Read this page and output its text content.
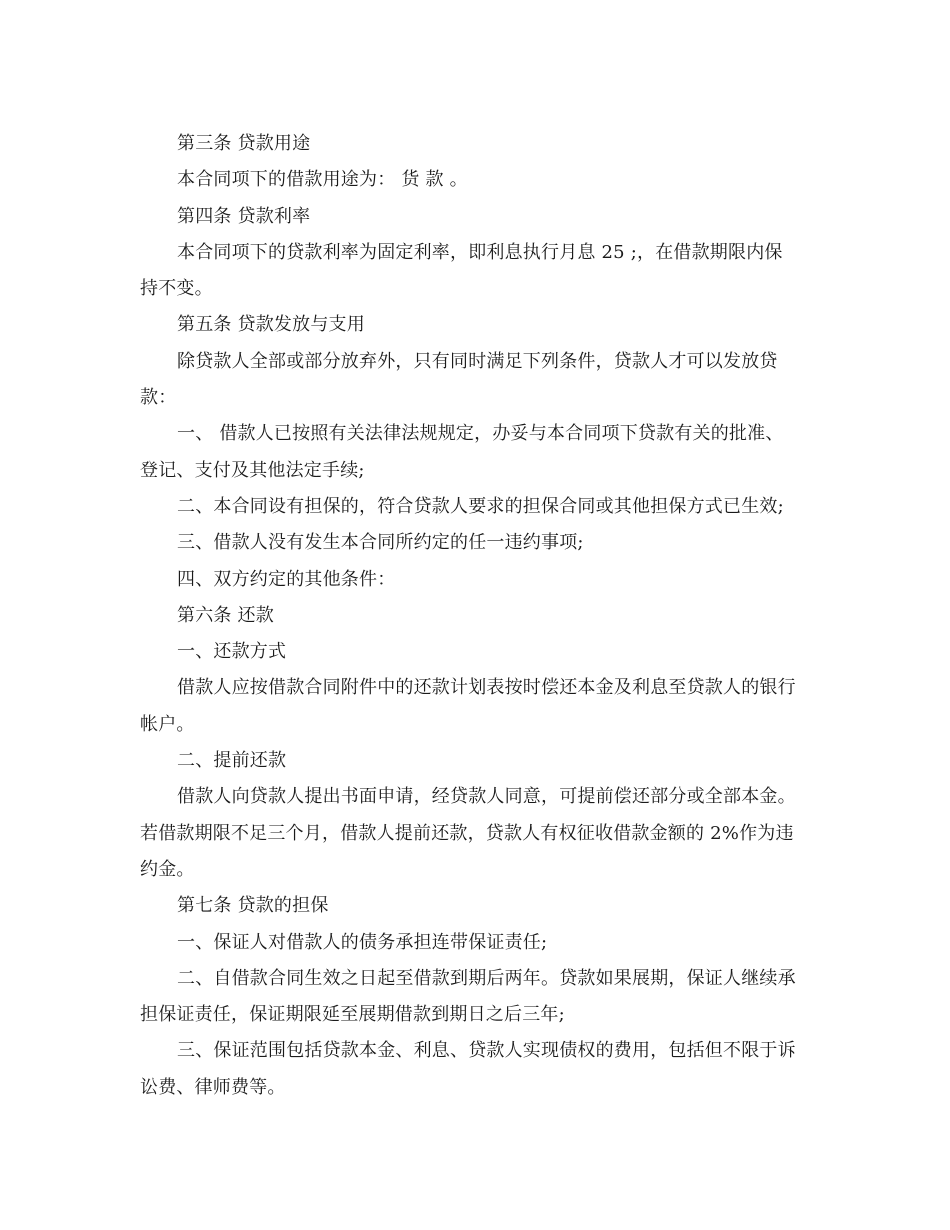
第三条 贷款用途

本合同项下的借款用途为： 货 款 。

第四条 贷款利率

本合同项下的贷款利率为固定利率，即利息执行月息 25 ;，在借款期限内保
持不变。

第五条 贷款发放与支用

除贷款人全部或部分放弃外，只有同时满足下列条件，贷款人才可以发放贷
款：

一、 借款人已按照有关法律法规规定，办妥与本合同项下贷款有关的批准、
登记、支付及其他法定手续;

二、本合同设有担保的，符合贷款人要求的担保合同或其他担保方式已生效;

三、借款人没有发生本合同所约定的任一违约事项;

四、双方约定的其他条件：

第六条 还款

一、还款方式

借款人应按借款合同附件中的还款计划表按时偿还本金及利息至贷款人的银行
帐户。

二、提前还款

借款人向贷款人提出书面申请，经贷款人同意，可提前偿还部分或全部本金。
若借款期限不足三个月，借款人提前还款，贷款人有权征收借款金额的 2%作为违
约金。

第七条 贷款的担保

一、保证人对借款人的债务承担连带保证责任;

二、自借款合同生效之日起至借款到期后两年。贷款如果展期，保证人继续承
担保证责任，保证期限延至展期借款到期日之后三年;

三、保证范围包括贷款本金、利息、贷款人实现债权的费用，包括但不限于诉
讼费、律师费等。
